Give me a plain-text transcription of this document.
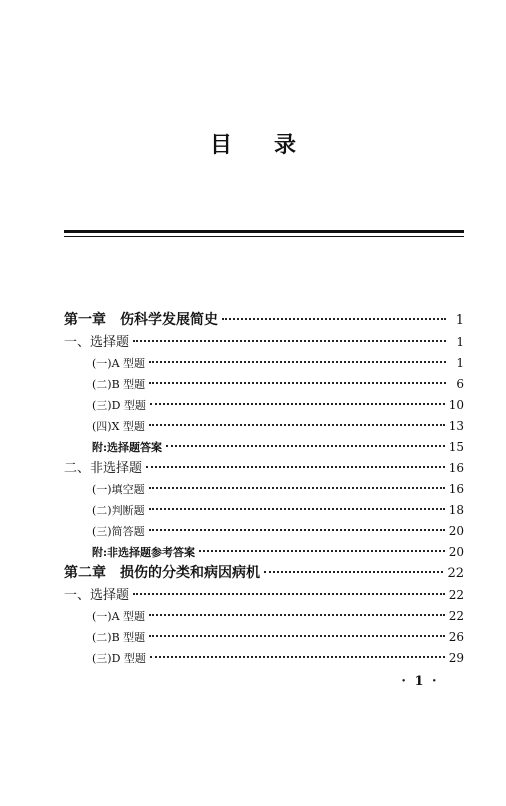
目 录
第一章　伤科学发展简史	1
一、选择题	1
(一)A 型题	1
(二)B 型题	6
(三)D 型题	10
(四)X 型题	13
附:选择题答案	15
二、非选择题	16
(一)填空题	16
(二)判断题	18
(三)简答题	20
附:非选择题参考答案	20
第二章　损伤的分类和病因病机	22
一、选择题	22
(一)A 型题	22
(二)B 型题	26
(三)D 型题	29
· 1 ·
